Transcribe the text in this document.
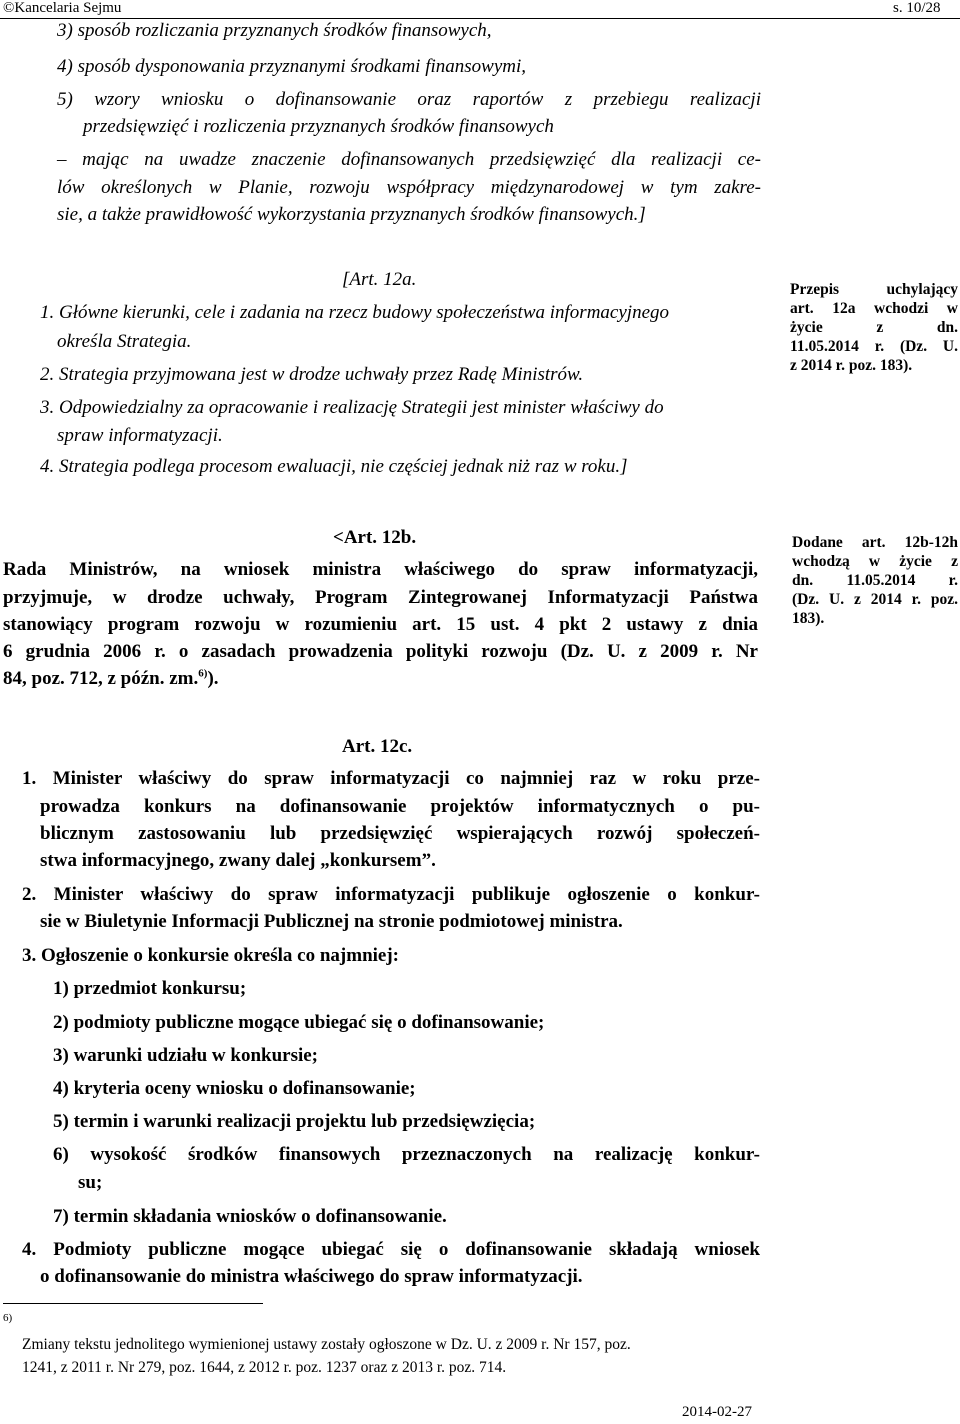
©Kancelaria Sejmu	s. 10/28
3) sposób rozliczania przyznanych środków finansowych,
4) sposób dysponowania przyznanymi środkami finansowymi,
5) wzory wniosku o dofinansowanie oraz raportów z przebiegu realizacji
przedsięwzięć i rozliczenia przyznanych środków finansowych
– mając na uwadze znaczenie dofinansowanych przedsięwzięć dla realizacji ce-
lów określonych w Planie, rozwoju współpracy międzynarodowej w tym zakre-
sie, a także prawidłowość wykorzystania przyznanych środków finansowych.]
[Art. 12a.
1. Główne kierunki, cele i zadania na rzecz budowy społeczeństwa informacyjnego
określa Strategia.
2. Strategia przyjmowana jest w drodze uchwały przez Radę Ministrów.
3. Odpowiedzialny za opracowanie i realizację Strategii jest minister właściwy do
spraw informatyzacji.
4. Strategia podlega procesom ewaluacji, nie częściej jednak niż raz w roku.]
Przepis uchylający
art. 12a wchodzi w
życie z dn.
11.05.2014 r. (Dz. U.
z 2014 r. poz. 183).
<Art. 12b.
Rada Ministrów, na wniosek ministra właściwego do spraw informatyzacji,
przyjmuje, w drodze uchwały, Program Zintegrowanej Informatyzacji Państwa
stanowiący program rozwoju w rozumieniu art. 15 ust. 4 pkt 2 ustawy z dnia
6 grudnia 2006 r. o zasadach prowadzenia polityki rozwoju (Dz. U. z 2009 r. Nr
84, poz. 712, z późn. zm.$^{6)}$).
Dodane art. 12b-12h
wchodzą w życie z
dn. 11.05.2014 r.
(Dz. U. z 2014 r. poz.
183).
Art. 12c.
1. Minister właściwy do spraw informatyzacji co najmniej raz w roku prze-
prowadza konkurs na dofinansowanie projektów informatycznych o pu-
blicznym zastosowaniu lub przedsięwzięć wspierających rozwój społeczeń-
stwa informacyjnego, zwany dalej „konkursem”.
2. Minister właściwy do spraw informatyzacji publikuje ogłoszenie o konkur-
sie w Biuletynie Informacji Publicznej na stronie podmiotowej ministra.
3. Ogłoszenie o konkursie określa co najmniej:
1) przedmiot konkursu;
2) podmioty publiczne mogące ubiegać się o dofinansowanie;
3) warunki udziału w konkursie;
4) kryteria oceny wniosku o dofinansowanie;
5) termin i warunki realizacji projektu lub przedsięwzięcia;
6) wysokość środków finansowych przeznaczonych na realizację konkur-
su;
7) termin składania wniosków o dofinansowanie.
4. Podmioty publiczne mogące ubiegać się o dofinansowanie składają wniosek
o dofinansowanie do ministra właściwego do spraw informatyzacji.
6)
Zmiany tekstu jednolitego wymienionej ustawy zostały ogłoszone w Dz. U. z 2009 r. Nr 157, poz.
1241, z 2011 r. Nr 279, poz. 1644, z 2012 r. poz. 1237 oraz z 2013 r. poz. 714.
2014-02-27
